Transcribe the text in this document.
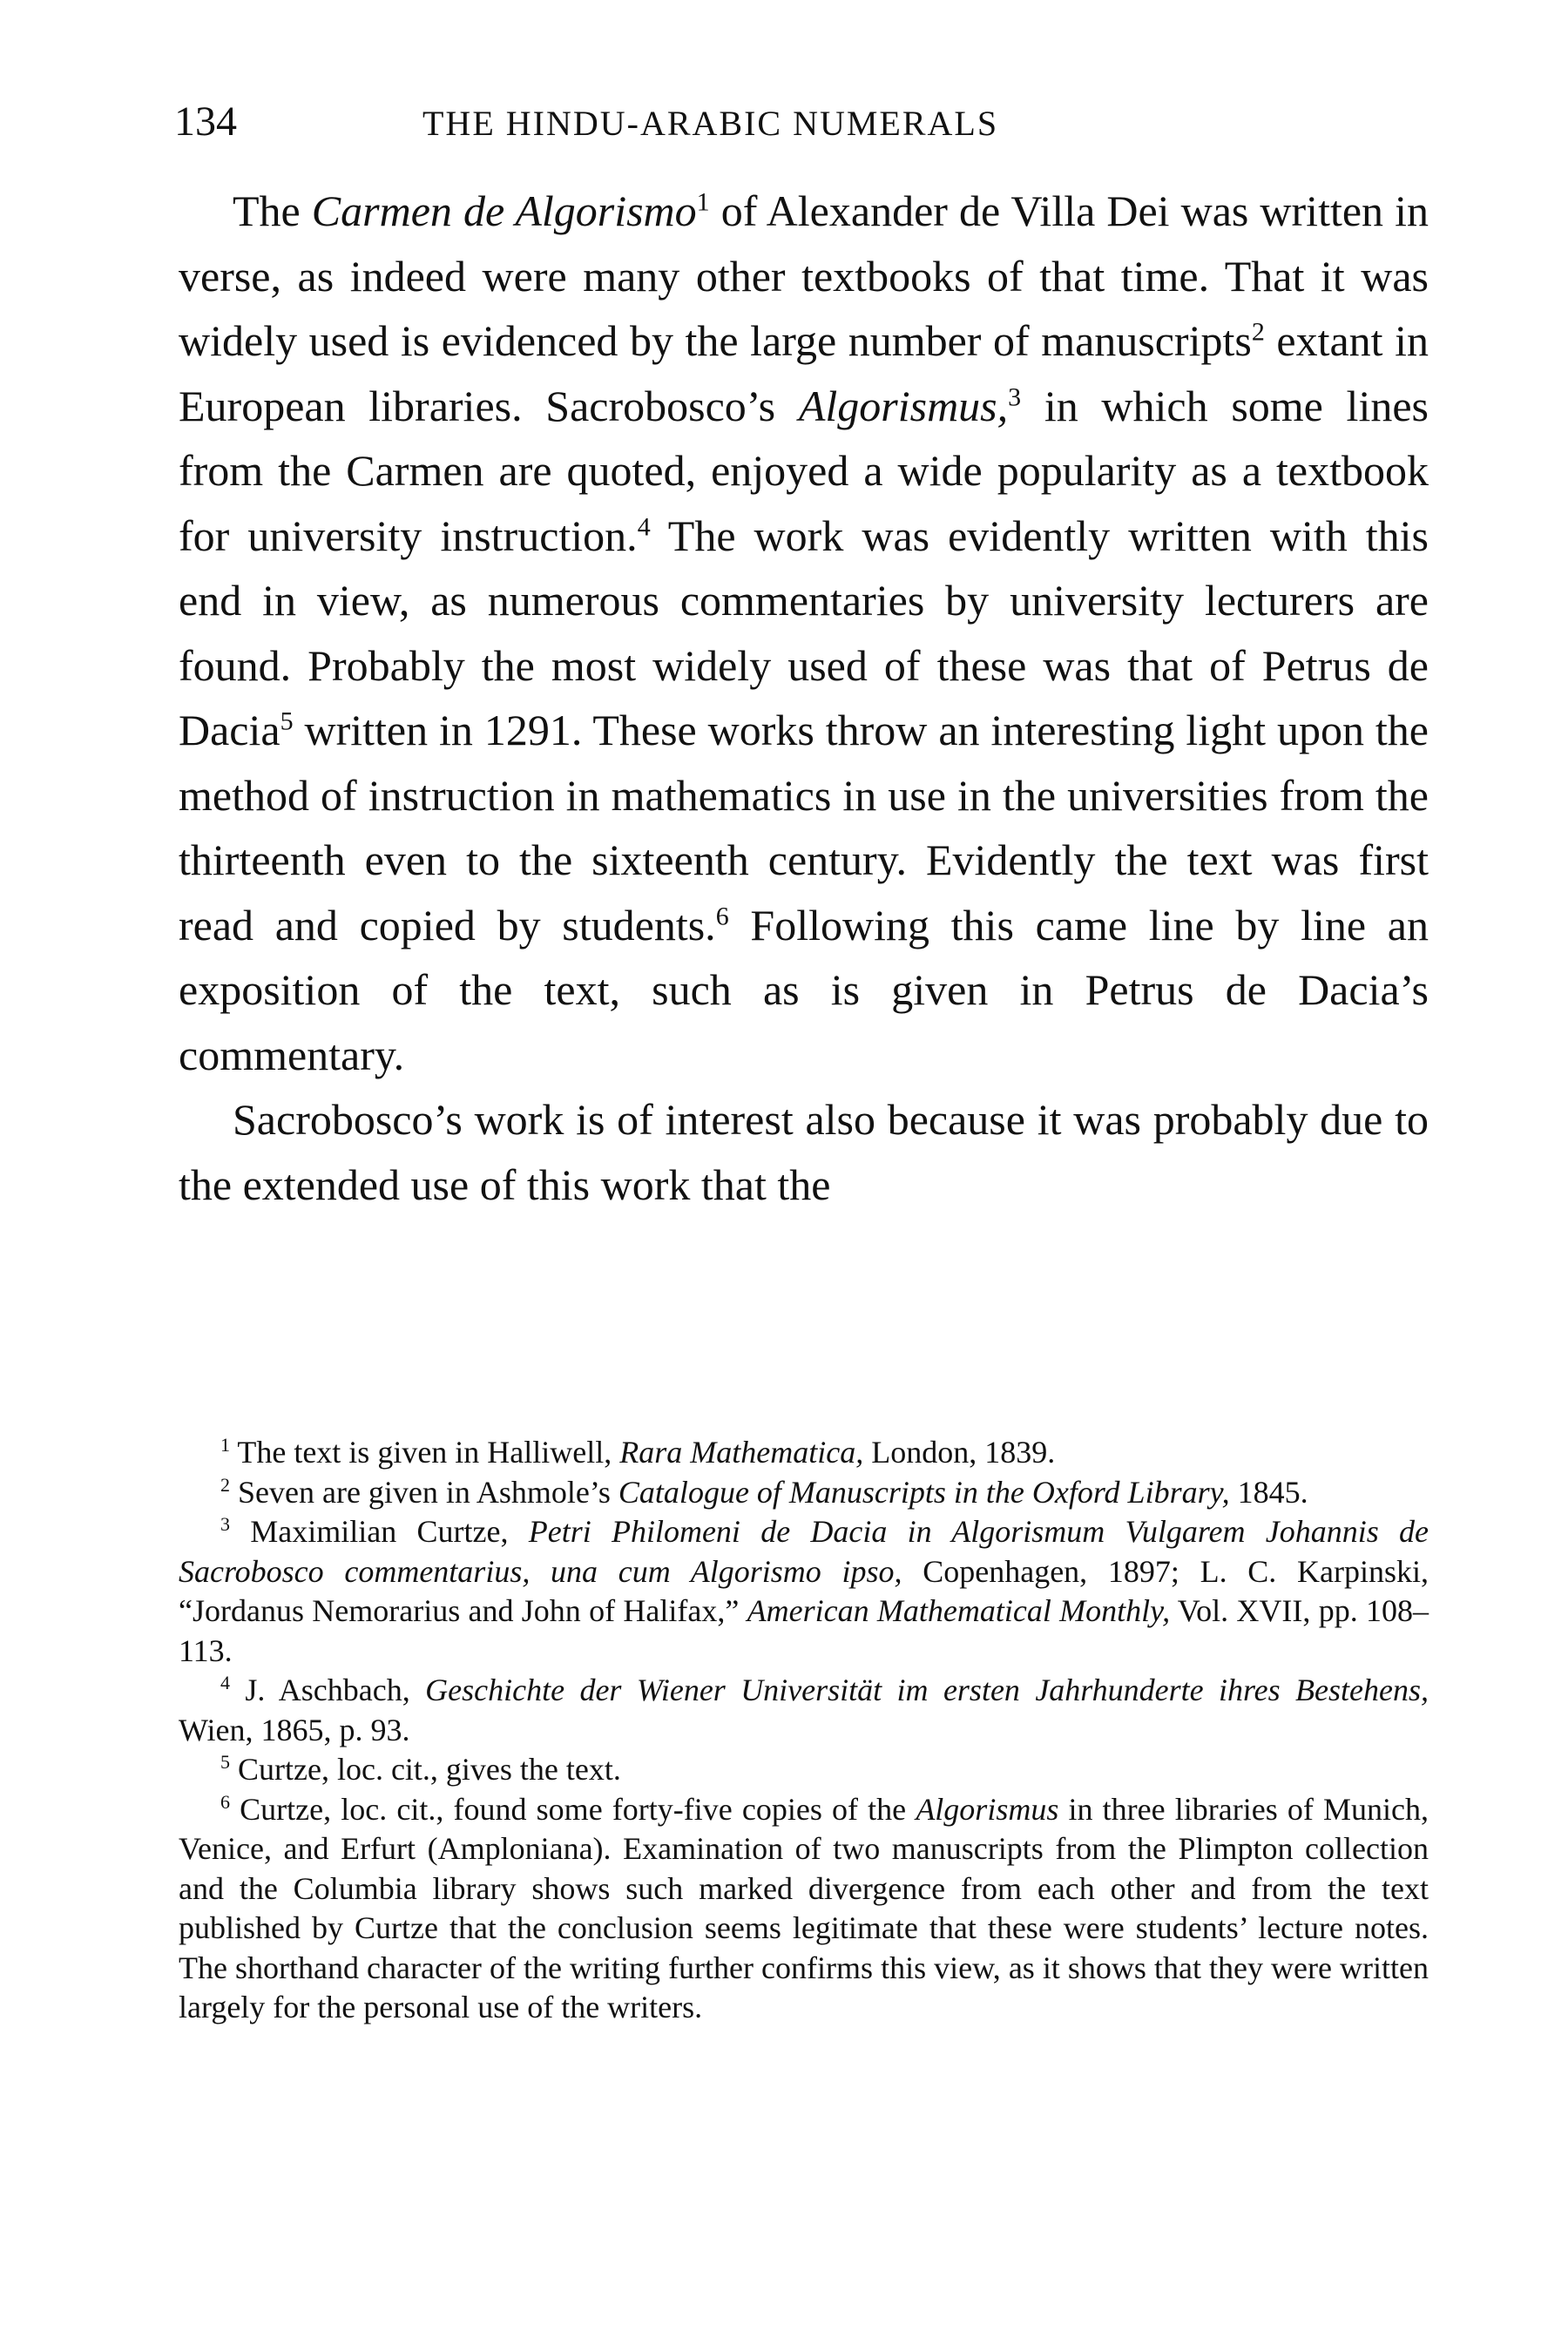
134	THE HINDU-ARABIC NUMERALS

The Carmen de Algorismo$^1$ of Alexander de Villa Dei was written in verse, as indeed were many other textbooks of that time. That it was widely used is evidenced by the large number of manuscripts$^2$ extant in European libraries. Sacrobosco’s Algorismus,$^3$ in which some lines from the Carmen are quoted, enjoyed a wide popularity as a textbook for university instruction.$^4$ The work was evidently written with this end in view, as numerous commentaries by university lecturers are found. Probably the most widely used of these was that of Petrus de Dacia$^5$ written in 1291. These works throw an interesting light upon the method of instruction in mathematics in use in the universities from the thirteenth even to the sixteenth century. Evidently the text was first read and copied by students.$^6$ Following this came line by line an exposition of the text, such as is given in Petrus de Dacia’s commentary.

Sacrobosco’s work is of interest also because it was probably due to the extended use of this work that the

$^1$ The text is given in Halliwell, Rara Mathematica, London, 1839.

$^2$ Seven are given in Ashmole’s Catalogue of Manuscripts in the Oxford Library, 1845.

$^3$ Maximilian Curtze, Petri Philomeni de Dacia in Algorismum Vulgarem Johannis de Sacrobosco commentarius, una cum Algorismo ipso, Copenhagen, 1897; L. C. Karpinski, “Jordanus Nemorarius and John of Halifax,” American Mathematical Monthly, Vol. XVII, pp. 108–113.

$^4$ J. Aschbach, Geschichte der Wiener Universität im ersten Jahrhunderte ihres Bestehens, Wien, 1865, p. 93.

$^5$ Curtze, loc. cit., gives the text.

$^6$ Curtze, loc. cit., found some forty-five copies of the Algorismus in three libraries of Munich, Venice, and Erfurt (Amploniana). Examination of two manuscripts from the Plimpton collection and the Columbia library shows such marked divergence from each other and from the text published by Curtze that the conclusion seems legitimate that these were students’ lecture notes. The shorthand character of the writing further confirms this view, as it shows that they were written largely for the personal use of the writers.
